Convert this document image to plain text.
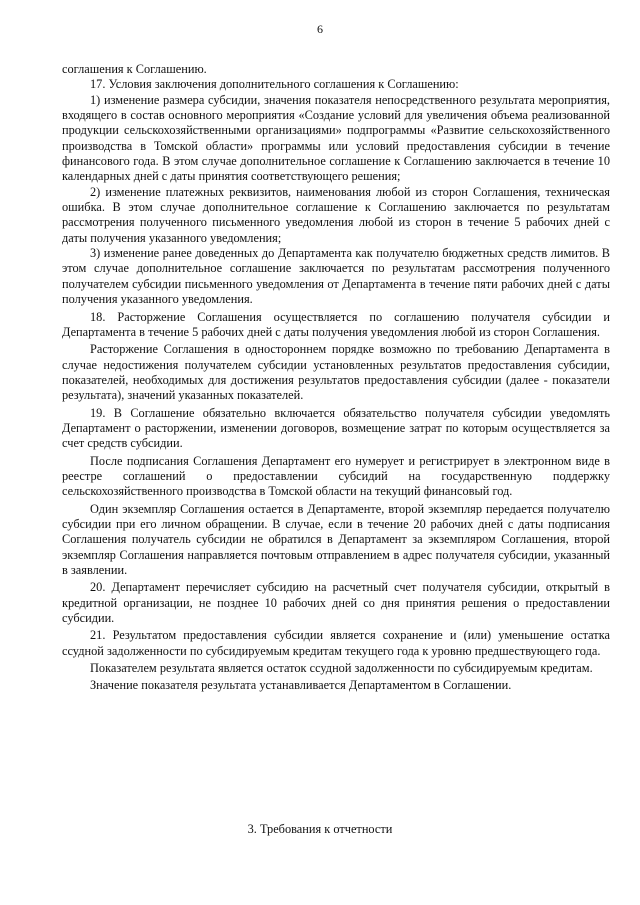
6

соглашения к Соглашению.

17. Условия заключения дополнительного соглашения к Соглашению:

1) изменение размера субсидии, значения показателя непосредственного результата мероприятия, входящего в состав основного мероприятия «Создание условий для увеличения объема реализованной продукции сельскохозяйственными организациями» подпрограммы «Развитие сельскохозяйственного производства в Томской области» программы или условий предоставления субсидии в течение финансового года. В этом случае дополнительное соглашение к Соглашению заключается в течение 10 календарных дней с даты принятия соответствующего решения;

2) изменение платежных реквизитов, наименования любой из сторон Соглашения, техническая ошибка. В этом случае дополнительное соглашение к Соглашению заключается по результатам рассмотрения полученного письменного уведомления любой из сторон в течение 5 рабочих дней с даты получения указанного уведомления;

3) изменение ранее доведенных до Департамента как получателю бюджетных средств лимитов. В этом случае дополнительное соглашение заключается по результатам рассмотрения полученного получателем субсидии письменного уведомления от Департамента в течение пяти рабочих дней с даты получения указанного уведомления.

18. Расторжение Соглашения осуществляется по соглашению получателя субсидии и Департамента в течение 5 рабочих дней с даты получения уведомления любой из сторон Соглашения.

Расторжение Соглашения в одностороннем порядке возможно по требованию Департамента в случае недостижения получателем субсидии установленных результатов предоставления субсидии, показателей, необходимых для достижения результатов предоставления субсидии (далее - показатели результата), значений указанных показателей.

19. В Соглашение обязательно включается обязательство получателя субсидии уведомлять Департамент о расторжении, изменении договоров, возмещение затрат по которым осуществляется за счет средств субсидии.

После подписания Соглашения Департамент его нумерует и регистрирует в электронном виде в реестре соглашений о предоставлении субсидий на государственную поддержку сельскохозяйственного производства в Томской области на текущий финансовый год.

Один экземпляр Соглашения остается в Департаменте, второй экземпляр передается получателю субсидии при его личном обращении. В случае, если в течение 20 рабочих дней с даты подписания Соглашения получатель субсидии не обратился в Департамент за экземпляром Соглашения, второй экземпляр Соглашения направляется почтовым отправлением в адрес получателя субсидии, указанный в заявлении.

20. Департамент перечисляет субсидию на расчетный счет получателя субсидии, открытый в кредитной организации, не позднее 10 рабочих дней со дня принятия решения о предоставлении субсидии.

21. Результатом предоставления субсидии является сохранение и (или) уменьшение остатка ссудной задолженности по субсидируемым кредитам текущего года к уровню предшествующего года.

Показателем результата является остаток ссудной задолженности по субсидируемым кредитам.

Значение показателя результата устанавливается Департаментом в Соглашении.

3. Требования к отчетности
